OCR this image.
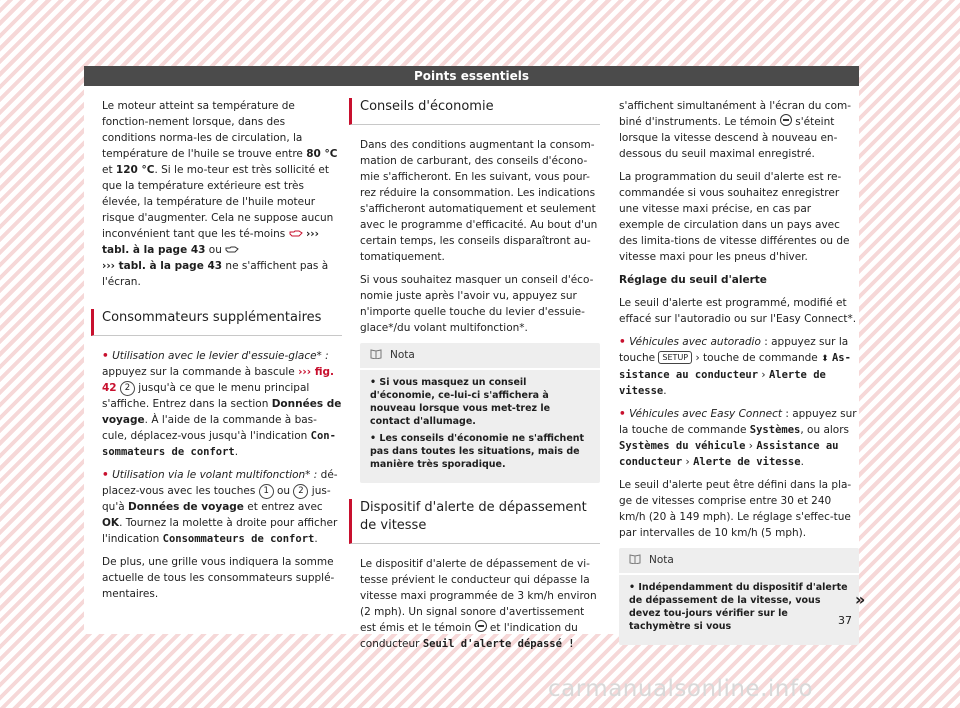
Points essentiels

Le moteur atteint sa température de fonction-nement lorsque, dans des conditions norma-les de circulation, la température de l'huile se trouve entre 80 °C et 120 °C. Si le mo-teur est très sollicité et que la température extérieure est très élevée, la température de l'huile moteur risque d'augmenter. Cela ne suppose aucun inconvénient tant que les té-moins  ››› tabl. à la page 43 ou
››› tabl. à la page 43 ne s'affichent pas à l'écran.

Consommateurs supplémentaires

• Utilisation avec le levier d'essuie-glace* : appuyez sur la commande à bascule ››› fig. 42 2 jusqu'à ce que le menu principal s'affiche. Entrez dans la section Données de voyage. À l'aide de la commande à bas-cule, déplacez-vous jusqu'à l'indication Con-sommateurs de confort.

• Utilisation via le volant multifonction* : dé-placez-vous avec les touches 1 ou 2 jus-qu'à Données de voyage et entrez avec OK. Tournez la molette à droite pour afficher l'indication Consommateurs de confort.

De plus, une grille vous indiquera la somme actuelle de tous les consommateurs supplé-mentaires.

Conseils d'économie

Dans des conditions augmentant la consom-mation de carburant, des conseils d'écono-mie s'afficheront. En les suivant, vous pour-rez réduire la consommation. Les indications s'afficheront automatiquement et seulement avec le programme d'efficacité. Au bout d'un certain temps, les conseils disparaîtront au-tomatiquement.

Si vous souhaitez masquer un conseil d'éco-nomie juste après l'avoir vu, appuyez sur n'importe quelle touche du levier d'essuie-glace*/du volant multifonction*.

Nota
• Si vous masquez un conseil d'économie, ce-lui-ci s'affichera à nouveau lorsque vous met-trez le contact d'allumage.
• Les conseils d'économie ne s'affichent pas dans toutes les situations, mais de manière très sporadique.
Dispositif d'alerte de dépassement de vitesse

Le dispositif d'alerte de dépassement de vi-tesse prévient le conducteur qui dépasse la vitesse maxi programmée de 3 km/h environ (2 mph). Un signal sonore d'avertissement est émis et le témoin  et l'indication du conducteur Seuil d'alerte dépassé !

s'affichent simultanément à l'écran du com-biné d'instruments. Le témoin  s'éteint lorsque la vitesse descend à nouveau en-dessous du seuil maximal enregistré.

La programmation du seuil d'alerte est re-commandée si vous souhaitez enregistrer une vitesse maxi précise, en cas par exemple de circulation dans un pays avec des limita-tions de vitesse différentes ou de vitesse maxi pour les pneus d'hiver.

Réglage du seuil d'alerte

Le seuil d'alerte est programmé, modifié et effacé sur l'autoradio ou sur l'Easy Connect*.

• Véhicules avec autoradio : appuyez sur la touche SETUP › touche de commande ⬍ As-sistance au conducteur › Alerte de vitesse.

• Véhicules avec Easy Connect : appuyez sur la touche de commande Systèmes, ou alors Systèmes du véhicule › Assistance au conducteur › Alerte de vitesse.

Le seuil d'alerte peut être défini dans la pla-ge de vitesses comprise entre 30 et 240 km/h (20 à 149 mph). Le réglage s'effec-tue par intervalles de 10 km/h (5 mph).

Nota
• Indépendamment du dispositif d'alerte de dépassement de la vitesse, vous devez tou-jours vérifier sur le tachymètre si vous
»
37
carmanualsonline.info
